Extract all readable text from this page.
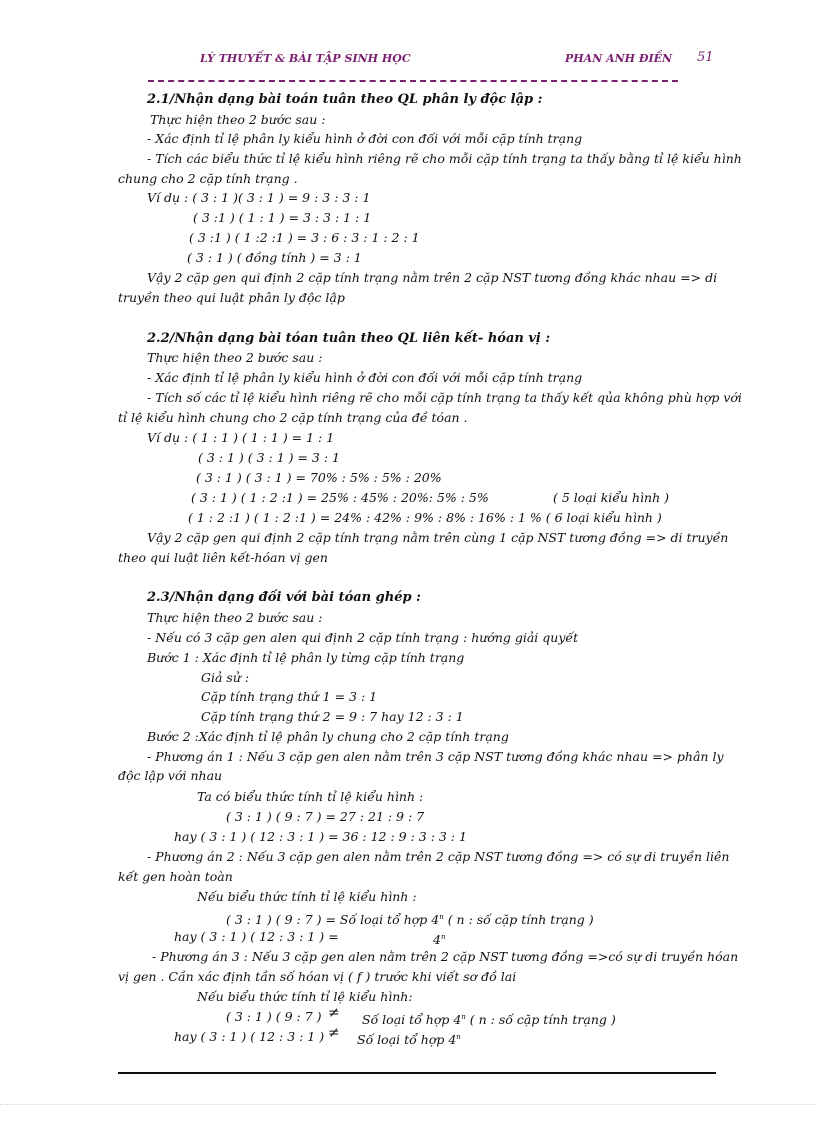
LÝ THUYẾT & BÀI TẬP SINH HỌC	PHAN ANH ĐIỀN 51
2.1/Nhận dạng bài toán tuân theo QL phân ly độc lập :
Thực hiện theo 2 bước sau :
- Xác định tỉ lệ phân ly kiểu hình ở đời con đối với mỗi cặp tính trạng
- Tích các biểu thức tỉ lệ kiểu hình riêng rẽ cho mỗi cặp tính trạng ta thấy bằng tỉ lệ kiểu hình
chung cho 2 cặp tính trạng .
Ví dụ : ( 3 : 1 )( 3 : 1 ) = 9 : 3 : 3 : 1
( 3 :1 ) ( 1 : 1 ) = 3 : 3 : 1 : 1
( 3 :1 ) ( 1 :2 :1 ) = 3 : 6 : 3 : 1 : 2 : 1
( 3 : 1 ) ( đồng tính ) = 3 : 1
Vậy 2 cặp gen qui định 2 cặp tính trạng nằm trên 2 cặp NST tương đồng khác nhau => di
truyền theo qui luật phân ly độc lập
2.2/Nhận dạng bài tóan tuân theo QL liên kết- hóan vị :
Thực hiện theo 2 bước sau :
- Xác định tỉ lệ phân ly kiểu hình ở đời con đối với mỗi cặp tính trạng
- Tích số các tỉ lệ kiểu hình riêng rẽ cho mỗi cặp tính trạng ta thấy kết qủa không phù hợp với
tỉ lệ kiểu hình chung cho 2 cặp tính trạng của đề tóan .
Ví dụ : ( 1 : 1 ) ( 1 : 1 ) = 1 : 1
( 3 : 1 ) ( 3 : 1 ) = 3 : 1
( 3 : 1 ) ( 3 : 1 ) = 70% : 5% : 5% : 20%
( 3 : 1 ) ( 1 : 2 :1 ) = 25% : 45% : 20%: 5% : 5%	( 5 loại kiểu hình )
( 1 : 2 :1 ) ( 1 : 2 :1 ) = 24% : 42% : 9% : 8% : 16% : 1 % ( 6 loại kiểu hình )
Vậy 2 cặp gen qui định 2 cặp tính trạng nằm trên cùng 1 cặp NST tương đồng => di truyền
theo qui luật liên kết-hóan vị gen
2.3/Nhận dạng đối với bài tóan ghép :
Thực hiện theo 2 bước sau :
- Nếu có 3 cặp gen alen qui định 2 cặp tính trạng : hướng giải quyết
Bước 1 : Xác định tỉ lệ phân ly từng cặp tính trạng
Giả sử :
Cặp tính trạng thứ 1 = 3 : 1
Cặp tính trạng thứ 2 = 9 : 7 hay 12 : 3 : 1
Bước 2 :Xác định tỉ lệ phân ly chung cho 2 cặp tính trạng
- Phương án 1 : Nếu 3 cặp gen alen nằm trên 3 cặp NST tương đồng khác nhau => phân ly
độc lập với nhau
Ta có biểu thức tính tỉ lệ kiểu hình :
( 3 : 1 ) ( 9 : 7 ) = 27 : 21 : 9 : 7
hay ( 3 : 1 ) ( 12 : 3 : 1 ) = 36 : 12 : 9 : 3 : 3 : 1
- Phương án 2 : Nếu 3 cặp gen alen nằm trên 2 cặp NST tương đồng => có sự di truyền liên
kết gen hoàn toàn
Nếu biểu thức tính tỉ lệ kiểu hình :
( 3 : 1 ) ( 9 : 7 ) = Số loại tổ hợp 4$^n$ ( n : số cặp tính trạng )
hay ( 3 : 1 ) ( 12 : 3 : 1 ) =	$4^n$
- Phương án 3 : Nếu 3 cặp gen alen nằm trên 2 cặp NST tương đồng =>có sự di truyền hóan
vị gen . Cần xác định tần số hóan vị ( f ) trước khi viết sơ đồ lai
Nếu biểu thức tính tỉ lệ kiểu hình:
( 3 : 1 ) ( 9 : 7 ) ≠ Số loại tổ hợp 4$^n$ ( n : số cặp tính trạng )
hay ( 3 : 1 ) ( 12 : 3 : 1 ) ≠ Số loại tổ hợp 4$^n$
